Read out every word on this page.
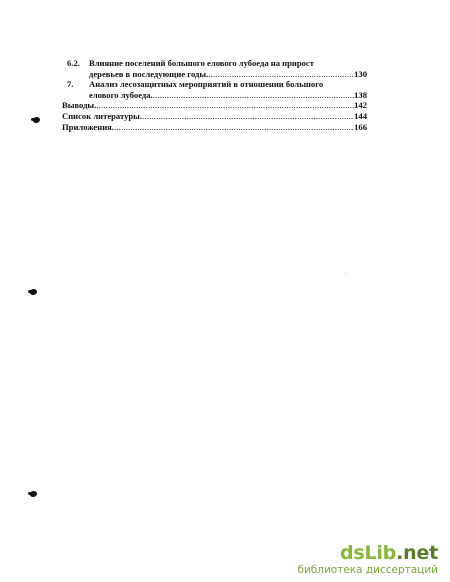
6.2.	Влияние поселений большого елового лубоеда на прирост
деревьев в последующие годы. .....	130
7.	Анализ лесозащитных мероприятий в отношении большого
елового лубоеда. .....	138
Выводы. .....	142
Список литературы. .....	144
Приложения. .....	166
dsLib.net
библиотека диссертаций
